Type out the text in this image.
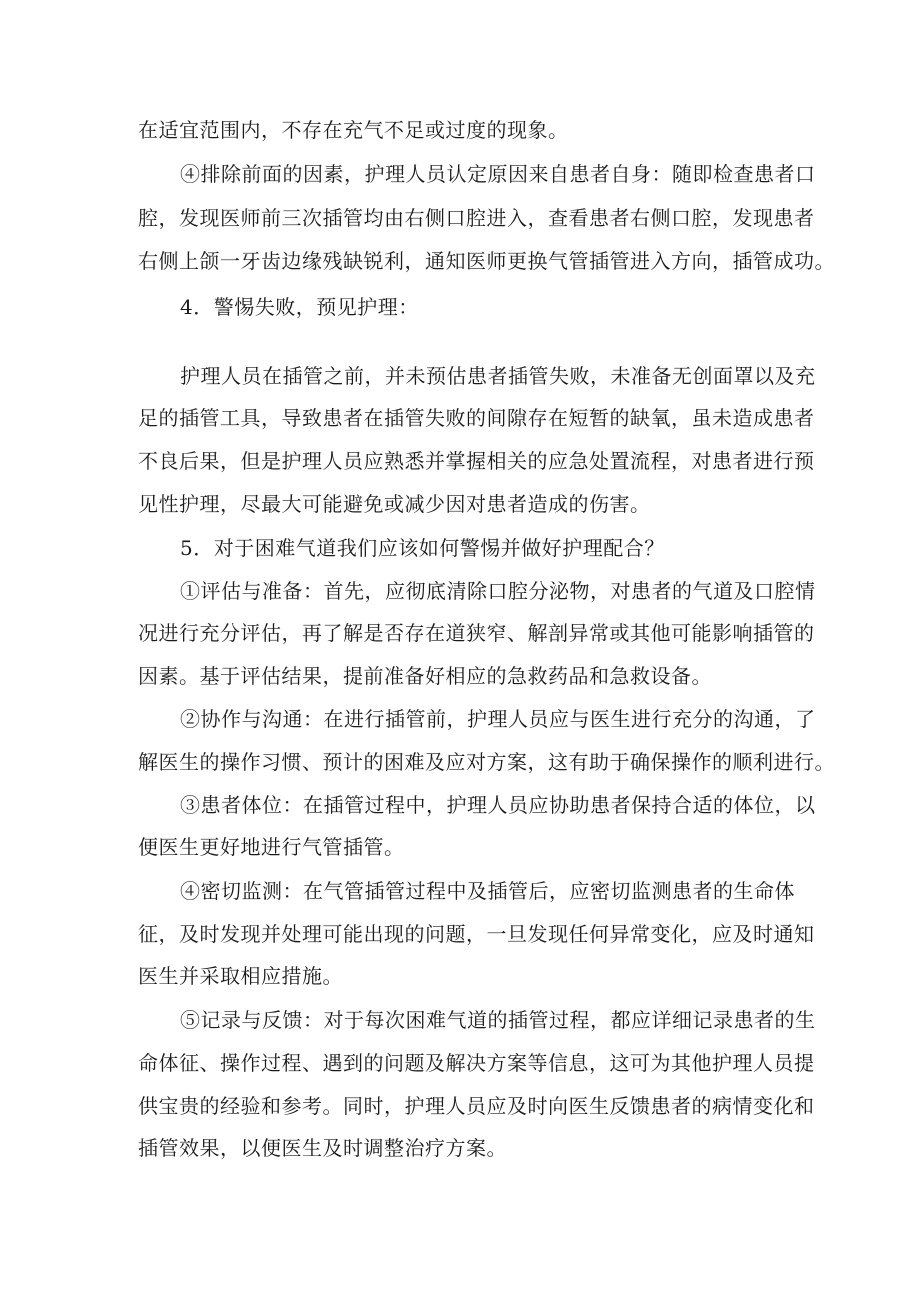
在适宜范围内，不存在充气不足或过度的现象。
④排除前面的因素，护理人员认定原因来自患者自身：随即检查患者口
腔，发现医师前三次插管均由右侧口腔进入，查看患者右侧口腔，发现患者
右侧上颌一牙齿边缘残缺锐利，通知医师更换气管插管进入方向，插管成功。
4．警惕失败，预见护理：
护理人员在插管之前，并未预估患者插管失败，未准备无创面罩以及充
足的插管工具，导致患者在插管失败的间隙存在短暂的缺氧，虽未造成患者
不良后果，但是护理人员应熟悉并掌握相关的应急处置流程，对患者进行预
见性护理，尽最大可能避免或减少因对患者造成的伤害。
5．对于困难气道我们应该如何警惕并做好护理配合？
①评估与准备：首先，应彻底清除口腔分泌物，对患者的气道及口腔情
况进行充分评估，再了解是否存在道狭窄、解剖异常或其他可能影响插管的
因素。基于评估结果，提前准备好相应的急救药品和急救设备。
②协作与沟通：在进行插管前，护理人员应与医生进行充分的沟通，了
解医生的操作习惯、预计的困难及应对方案，这有助于确保操作的顺利进行。
③患者体位：在插管过程中，护理人员应协助患者保持合适的体位，以
便医生更好地进行气管插管。
④密切监测：在气管插管过程中及插管后，应密切监测患者的生命体
征，及时发现并处理可能出现的问题，一旦发现任何异常变化，应及时通知
医生并采取相应措施。
⑤记录与反馈：对于每次困难气道的插管过程，都应详细记录患者的生
命体征、操作过程、遇到的问题及解决方案等信息，这可为其他护理人员提
供宝贵的经验和参考。同时，护理人员应及时向医生反馈患者的病情变化和
插管效果，以便医生及时调整治疗方案。
